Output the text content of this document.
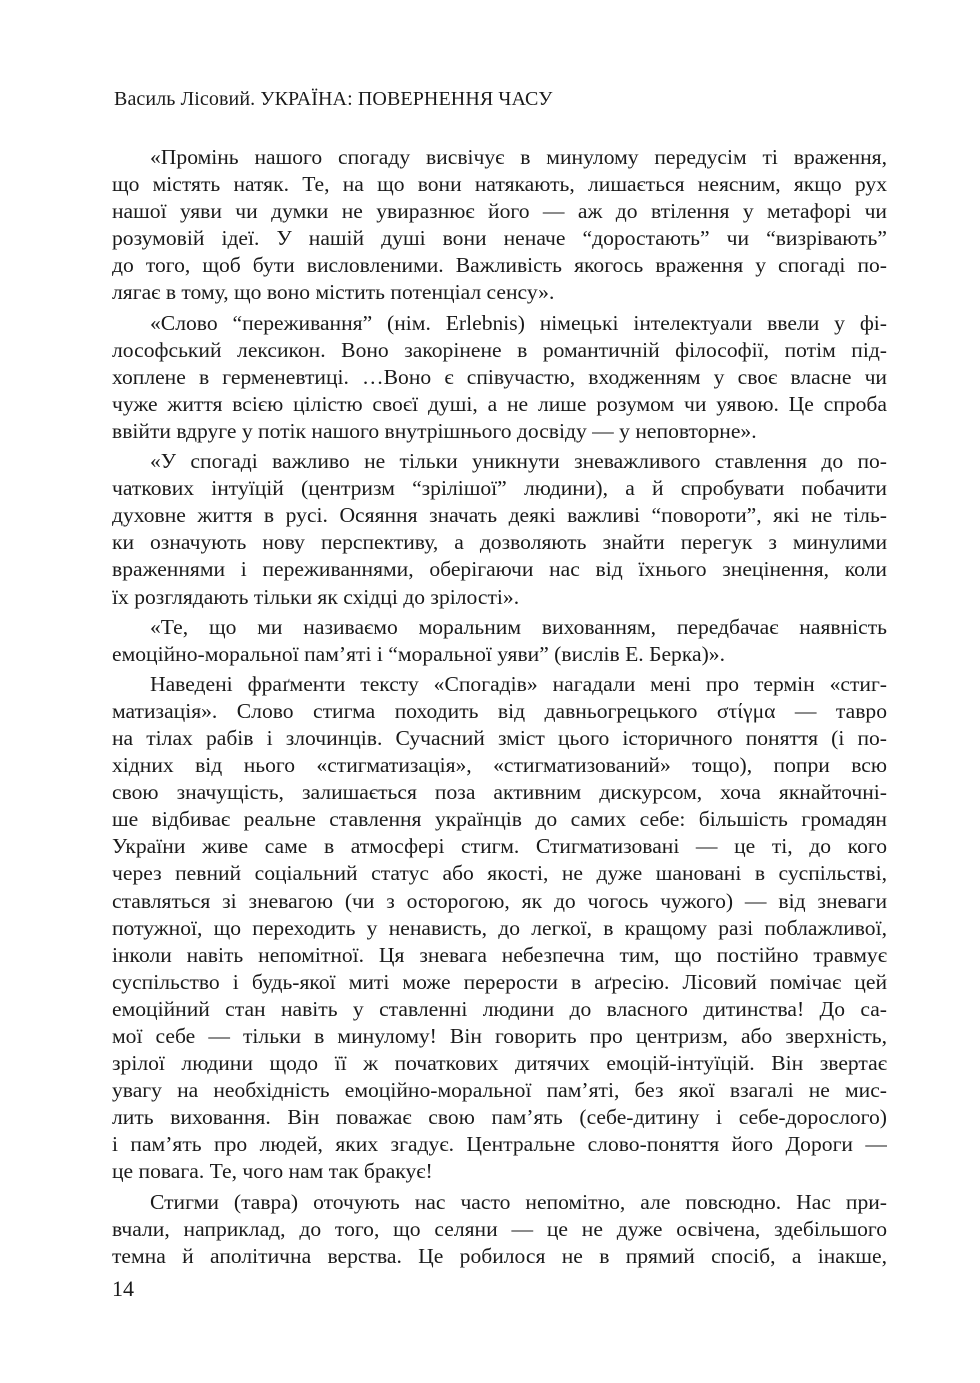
Василь Лісовий. УКРАЇНА: ПОВЕРНЕННЯ ЧАСУ
«Промінь нашого спогаду висвічує в минулому передусім ті враження,
що містять натяк. Те, на що вони натякають, лишається неясним, якщо рух
нашої уяви чи думки не увиразнює його — аж до втілення у метафорі чи
розумовій ідеї. У нашій душі вони неначе “доростають” чи “визрівають”
до того, щоб бути висловленими. Важливість якогось враження у спогаді по-
лягає в тому, що воно містить потенціал сенсу».
«Слово “переживання” (нім. Erlebnis) німецькі інтелектуали ввели у фі-
лософський лексикон. Воно закорінене в романтичній філософії, потім під-
хоплене в герменевтиці. …Воно є співучастю, входженням у своє власне чи
чуже життя всією цілістю своєї душі, а не лише розумом чи уявою. Це спроба
ввійти вдруге у потік нашого внутрішнього досвіду — у неповторне».
«У спогаді важливо не тільки уникнути зневажливого ставлення до по-
чаткових інтуїцій (центризм “зрілішої” людини), а й спробувати побачити
духовне життя в русі. Осяяння значать деякі важливі “повороти”, які не тіль-
ки означують нову перспективу, а дозволяють знайти перегук з минулими
враженнями і переживаннями, оберігаючи нас від їхнього знецінення, коли
їх розглядають тільки як східці до зрілості».
«Те, що ми називаємо моральним вихованням, передбачає наявність
емоційно-моральної пам’яті і “моральної уяви” (вислів Е. Берка)».
Наведені фраґменти тексту «Спогадів» нагадали мені про термін «стиг-
матизація». Слово стигма походить від давньогрецького στίγμα — тавро
на тілах рабів і злочинців. Сучасний зміст цього історичного поняття (і по-
хідних від нього «стигматизація», «стигматизований» тощо), попри всю
свою значущість, залишається поза активним дискурсом, хоча якнайточні-
ше відбиває реальне ставлення українців до самих себе: більшість громадян
України живе саме в атмосфері стигм. Стигматизовані — це ті, до кого
через певний соціальний статус або якості, не дуже шановані в суспільстві,
ставляться зі зневагою (чи з осторогою, як до чогось чужого) — від зневаги
потужної, що переходить у ненависть, до легкої, в кращому разі поблажливої,
інколи навіть непомітної. Ця зневага небезпечна тим, що постійно травмує
суспільство і будь-якої миті може перерости в аґресію. Лісовий помічає цей
емоційний стан навіть у ставленні людини до власного дитинства! До са-
мої себе — тільки в минулому! Він говорить про центризм, або зверхність,
зрілої людини щодо її ж початкових дитячих емоцій-інтуїцій. Він звертає
увагу на необхідність емоційно-моральної пам’яті, без якої взагалі не мис-
лить виховання. Він поважає свою пам’ять (себе-дитину і себе-дорослого)
і пам’ять про людей, яких згадує. Центральне слово-поняття його Дороги —
це повага. Те, чого нам так бракує!
Стигми (тавра) оточують нас часто непомітно, але повсюдно. Нас при-
вчали, наприклад, до того, що селяни — це не дуже освічена, здебільшого
темна й аполітична верства. Це робилося не в прямий спосіб, а інакше,
14
